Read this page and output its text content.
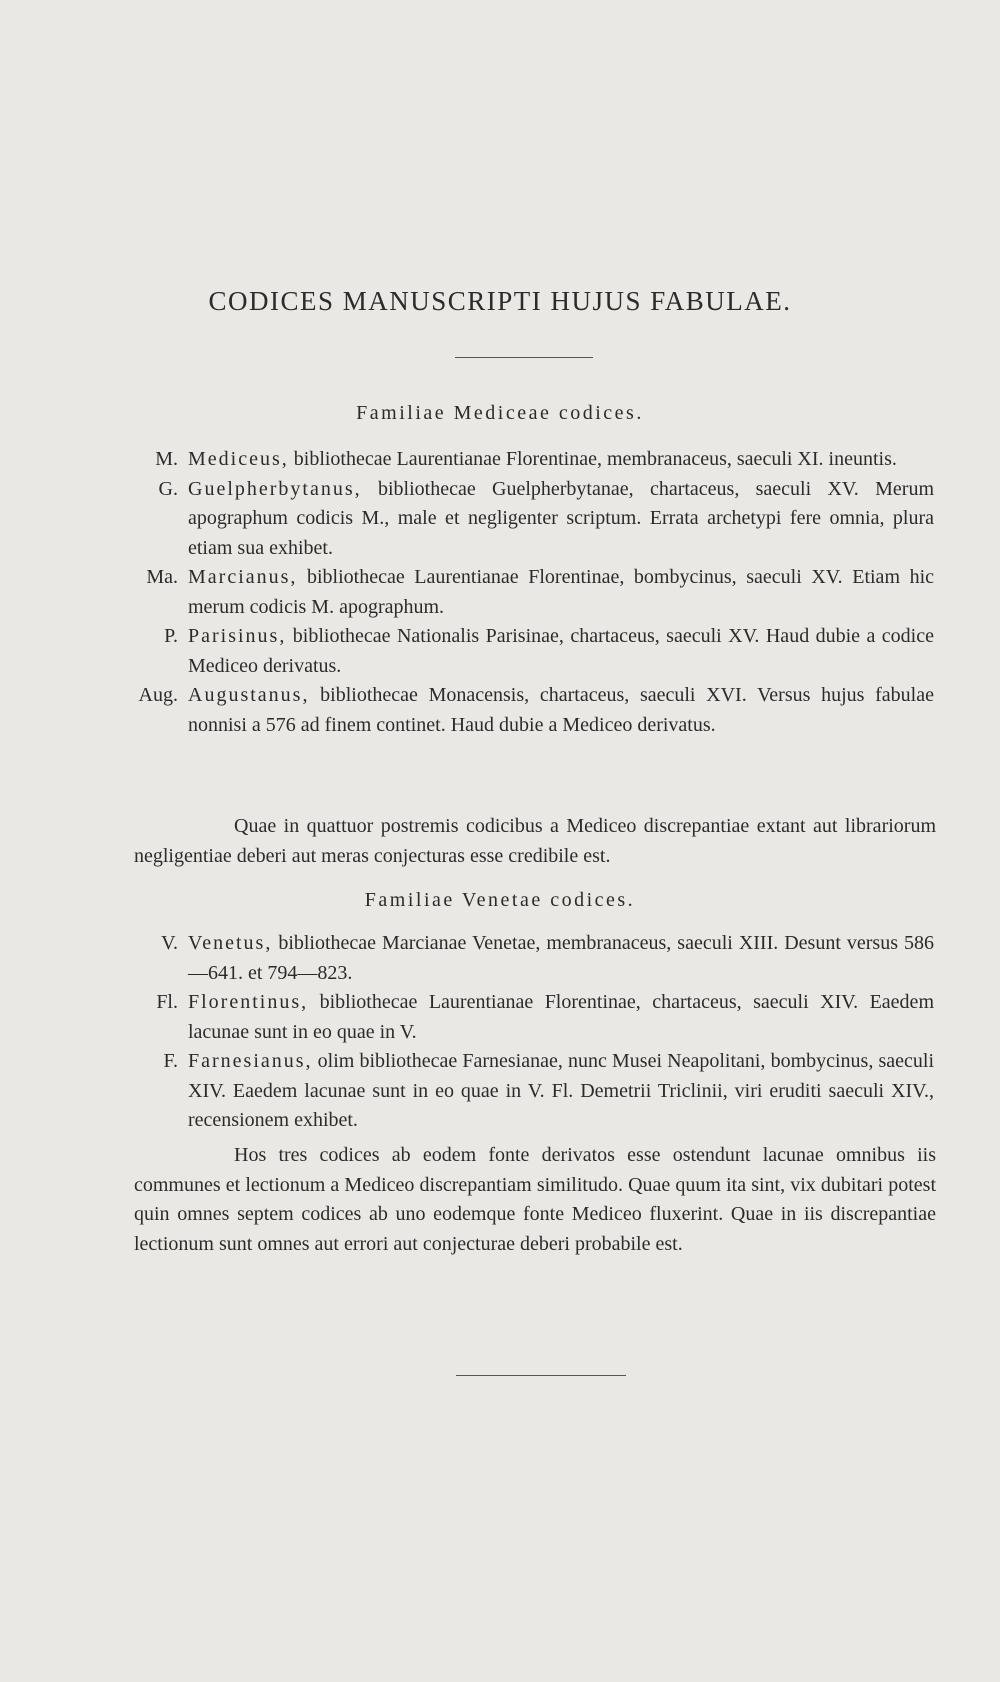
CODICES MANUSCRIPTI HUJUS FABULAE.
Familiae Mediceae codices.
M. Mediceus, bibliothecae Laurentianae Florentinae, membranaceus, saeculi XI. ineuntis.
G. Guelpherbytanus, bibliothecae Guelpherbytanae, chartaceus, saeculi XV. Merum apographum codicis M., male et negligenter scriptum. Errata archetypi fere omnia, plura etiam sua exhibet.
Ma. Marcianus, bibliothecae Laurentianae Florentinae, bombycinus, saeculi XV. Etiam hic merum codicis M. apographum.
P. Parisinus, bibliothecae Nationalis Parisinae, chartaceus, saeculi XV. Haud dubie a codice Mediceo derivatus.
Aug. Augustanus, bibliothecae Monacensis, chartaceus, saeculi XVI. Versus hujus fabulae nonnisi a 576 ad finem continet. Haud dubie a Mediceo derivatus.
Quae in quattuor postremis codicibus a Mediceo discrepantiae extant aut librariorum negligentiae deberi aut meras conjecturas esse credibile est.
Familiae Venetae codices.
V. Venetus, bibliothecae Marcianae Venetae, membranaceus, saeculi XIII. Desunt versus 586—641. et 794—823.
Fl. Florentinus, bibliothecae Laurentianae Florentinae, chartaceus, saeculi XIV. Eaedem lacunae sunt in eo quae in V.
F. Farnesianus, olim bibliothecae Farnesianae, nunc Musei Neapolitani, bombycinus, saeculi XIV. Eaedem lacunae sunt in eo quae in V. Fl. Demetrii Triclinii, viri eruditi saeculi XIV., recensionem exhibet.
Hos tres codices ab eodem fonte derivatos esse ostendunt lacunae omnibus iis communes et lectionum a Mediceo discrepantiam similitudo. Quae quum ita sint, vix dubitari potest quin omnes septem codices ab uno eodemque fonte Mediceo fluxerint. Quae in iis discrepantiae lectionum sunt omnes aut errori aut conjecturae deberi probabile est.
